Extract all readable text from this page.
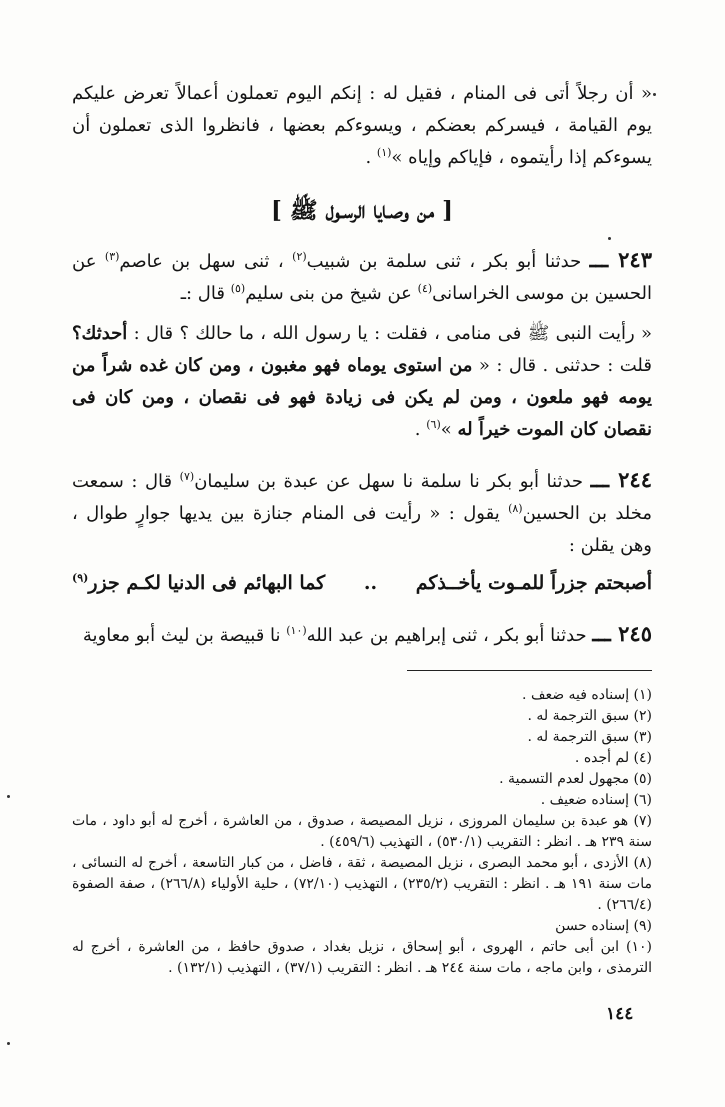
« أن رجلاً أتى فى المنام ، فقيل له : إنكم اليوم تعملون أعمالاً تعرض عليكم يوم القيامة ، فيسركم بعضكم ، ويسوءكم بعضها ، فانظروا الذى تعملون أن يسوءكم إذا رأيتموه ، فإياكم وإياه »$^{(١)}$ .

[ من وصـايا الرسـول ﷺ ]

٢٤٣ ـــ حدثنا أبو بكر ، ثنى سلمة بن شبيب$^{(٢)}$ ، ثنى سهل بن عاصم$^{(٣)}$ عن الحسين بن موسى الخراسانى$^{(٤)}$ عن شيخ من بنى سليم$^{(٥)}$ قال :ـ

« رأيت النبى ﷺ فى منامى ، فقلت : يا رسول الله ، ما حالك ؟ قال : أحدثك؟قلت : حدثنى . قال : « من استوى يوماه فهو مغبون ، ومن كان غده شراً من يومه فهو ملعون ، ومن لم يكن فى زيادة فهو فى نقصان ، ومن كان فى نقصان كان الموت خيراً له »$^{(٦)}$ .

٢٤٤ ـــ حدثنا أبو بكر نا سلمة نا سهل عن عبدة بن سليمان$^{(٧)}$ قال : سمعت مخلد بن الحسين$^{(٨)}$ يقول : « رأيت فى المنام جنازة بين يديها جوارٍ طوال ، وهن يقلن :

أصبحتم جزراً للمـوت يأخــذكم
..
كما البهائم فى الدنيا لكـم جزر$^{(٩)}$

٢٤٥ ـــ حدثنا أبو بكر ، ثنى إبراهيم بن عبد الله$^{(١٠)}$ نا قبيصة بن ليث أبو معاوية

(١) إسناده فيه ضعف .

(٢) سبق الترجمة له .

(٣) سبق الترجمة له .

(٤) لم أجده .

(٥) مجهول لعدم التسمية .

(٦) إسناده ضعيف .

(٧) هو عبدة بن سليمان المروزى ، نزيل المصيصة ، صدوق ، من العاشرة ، أخرج له أبو داود ، مات سنة ٢٣٩ هـ . انظر : التقريب (٥٣٠/١) ، التهذيب (٤٥٩/٦) .

(٨) الأزدى ، أبو محمد البصرى ، نزيل المصيصة ، ثقة ، فاضل ، من كبار التاسعة ، أخرج له النسائى ، مات سنة ١٩١ هـ . انظر : التقريب (٢٣٥/٢) ، التهذيب (٧٢/١٠) ، حلية الأولياء (٢٦٦/٨) ، صفة الصفوة (٢٦٦/٤) .

(٩) إسناده حسن

(١٠) ابن أبى حاتم ، الهروى ، أبو إسحاق ، نزيل بغداد ، صدوق حافظ ، من العاشرة ، أخرج له الترمذى ، وابن ماجه ، مات سنة ٢٤٤ هـ . انظر : التقريب (٣٧/١) ، التهذيب (١٣٢/١) .

١٤٤
